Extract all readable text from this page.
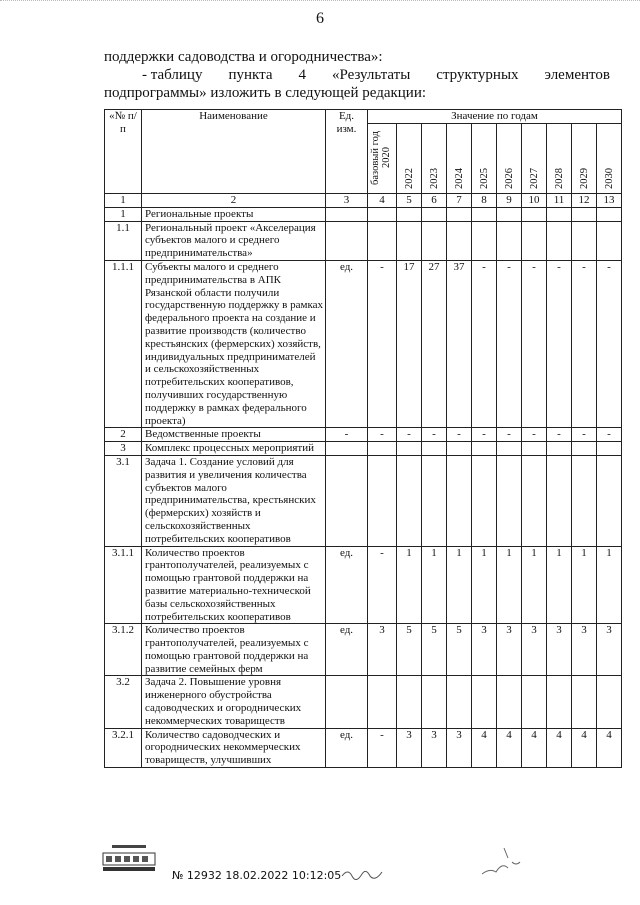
6

поддержки садоводства и огородничества»:

- таблицу пункта 4 «Результаты структурных элементов

подпрограммы» изложить в следующей редакции:

«№ п/п	Наименование	Ед. изм.	Значение по годам									

			базовый год 2020	2022	2023	2024	2025	2026	2027	2028	2029	2030

1	2	3	4	5	6	7	8	9	10	11	12	13
1	Региональные проекты											
1.1	Региональный проект «Акселерация субъектов малого и среднего предпринимательства»											
1.1.1	Субъекты малого и среднего предпринимательства в АПК Рязанской области получили государственную поддержку в рамках федерального проекта на создание и развитие производств (количество крестьянских (фермерских) хозяйств, индивидуальных предпринимателей и сельскохозяйственных потребительских кооперативов, получивших государственную поддержку в рамках федерального проекта)	ед.	-	17	27	37	-	-	-	-	-	-
2	Ведомственные проекты	-	-	-	-	-	-	-	-	-	-	-
3	Комплекс процессных мероприятий											
3.1	Задача 1. Создание условий для развития и увеличения количества субъектов малого предпринимательства, крестьянских (фермерских) хозяйств и сельскохозяйственных потребительских кооперативов											
3.1.1	Количество проектов грантополучателей, реализуемых с помощью грантовой поддержки на развитие материально-технической базы сельскохозяйственных потребительских кооперативов	ед.	-	1	1	1	1	1	1	1	1	1
3.1.2	Количество проектов грантополучателей, реализуемых с помощью грантовой поддержки на развитие семейных ферм	ед.	3	5	5	5	3	3	3	3	3	3
3.2	Задача 2. Повышение уровня инженерного обустройства садоводческих и огороднических некоммерческих товариществ											
3.2.1	Количество садоводческих и огороднических некоммерческих товариществ, улучшивших	ед.	-	3	3	3	4	4	4	4	4	4
№ 12932 18.02.2022 10:12:05
